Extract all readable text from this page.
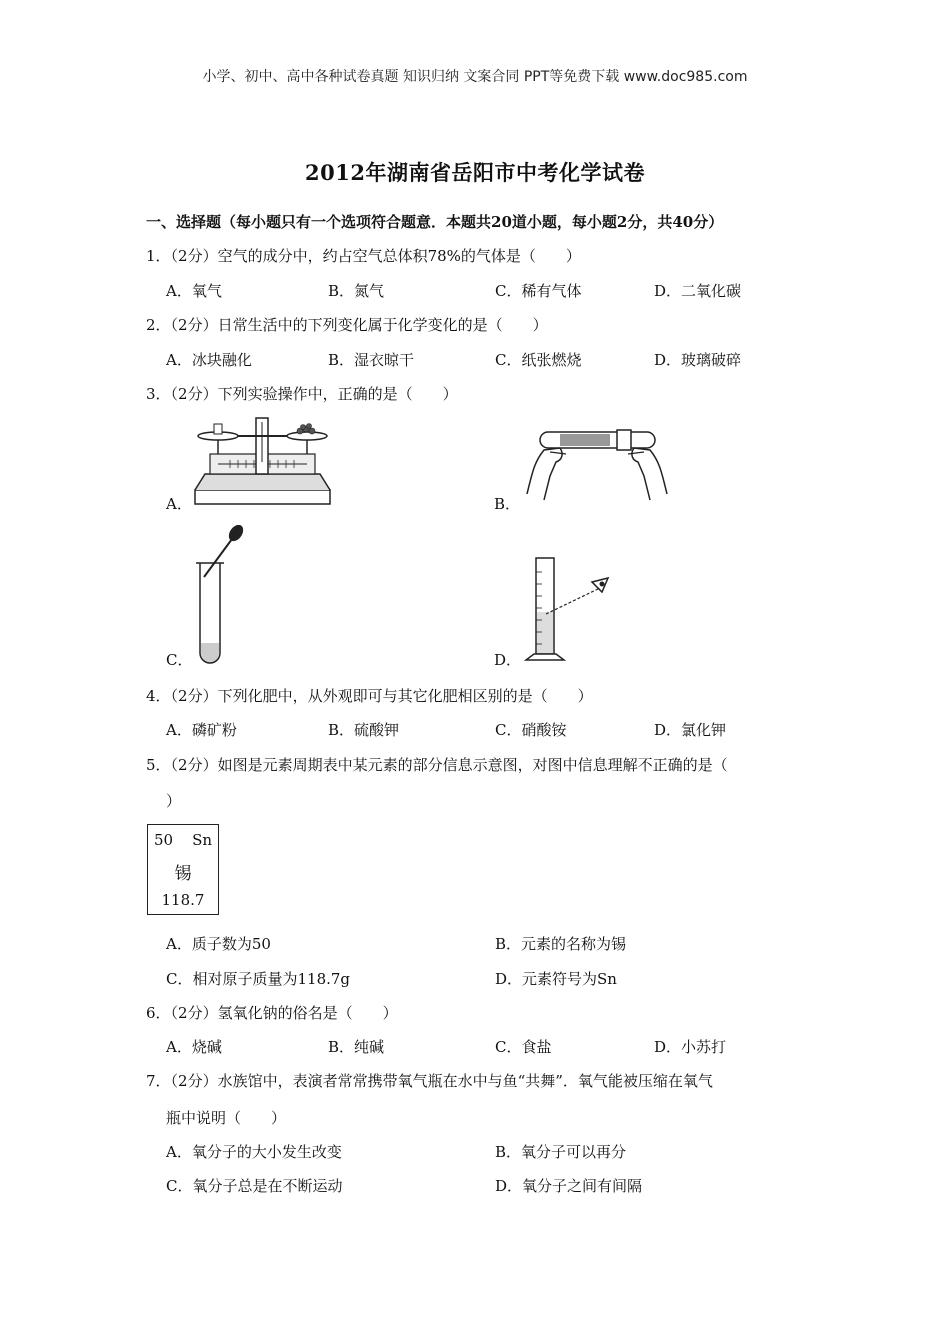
小学、初中、高中各种试卷真题 知识归纳 文案合同 PPT等免费下载 www.doc985.com
2012年湖南省岳阳市中考化学试卷
一、选择题（每小题只有一个选项符合题意．本题共20道小题，每小题2分，共40分）
1．（2分）空气的成分中，约占空气总体积78%的气体是（　　）
A．氧气	B．氮气	C．稀有气体	D．二氧化碳
2．（2分）日常生活中的下列变化属于化学变化的是（　　）
A．冰块融化	B．湿衣晾干	C．纸张燃烧	D．玻璃破碎
3．（2分）下列实验操作中，正确的是（　　）
A．	B．
C．	D．
4．（2分）下列化肥中，从外观即可与其它化肥相区别的是（　　）
A．磷矿粉	B．硫酸钾	C．硝酸铵	D．氯化钾
5．（2分）如图是元素周期表中某元素的部分信息示意图，对图中信息理解不正确的是（
）
50 Sn
锡
118.7
A．质子数为50	B．元素的名称为锡
C．相对原子质量为118.7g	D．元素符号为Sn
6．（2分）氢氧化钠的俗名是（　　）
A．烧碱	B．纯碱	C．食盐	D．小苏打
7．（2分）水族馆中，表演者常常携带氧气瓶在水中与鱼“共舞”．氧气能被压缩在氧气
瓶中说明（　　）
A．氧分子的大小发生改变	B．氧分子可以再分
C．氧分子总是在不断运动	D．氧分子之间有间隔
